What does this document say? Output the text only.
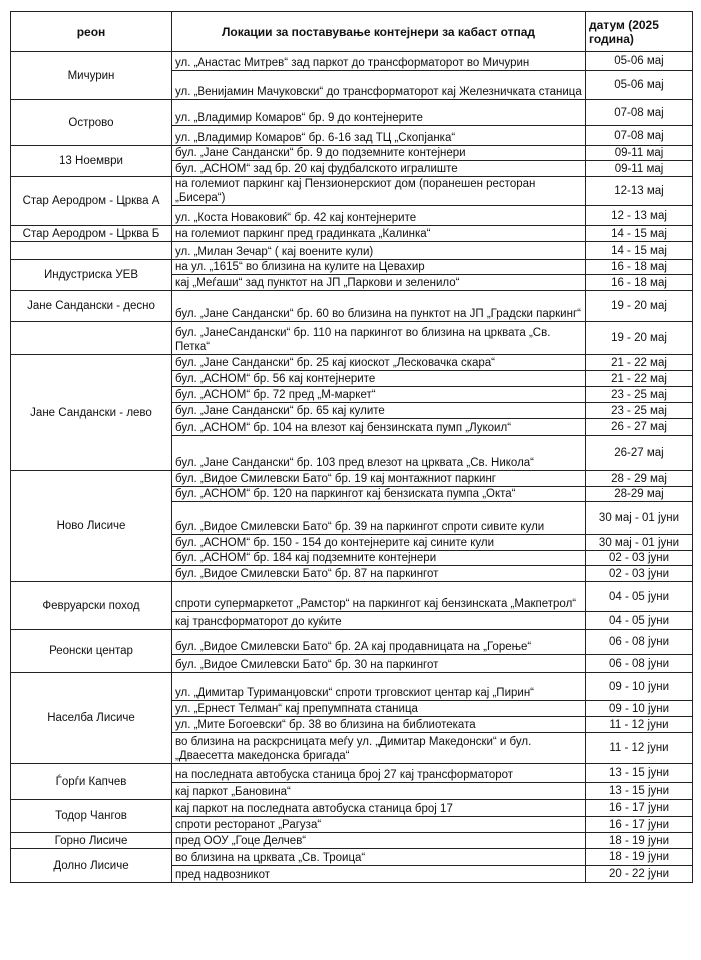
реон	Локации за поставување контејнери за кабаст отпад	датум (2025 година)
Мичурин	ул. „Анастас Митрев“ зад паркот до трансформаторот во Мичурин	05-06 мај
	ул. „Венијамин Мачуковски“ до трансформаторот кај Железничката станица	05-06 мај
Острово	ул. „Владимир Комаров“ бр. 9 до контејнерите	07-08 мај
	ул. „Владимир Комаров“ бр. 6-16 зад ТЦ „Скопјанка“	07-08 мај
13 Ноември	бул. „Јане Сандански“ бр. 9 до подземните контејнери	09-11 мај
	бул. „АСНОМ“ зад бр. 20 кај фудбалското игралиште	09-11 мај
Стар Аеродром - Црква А	на големиот паркинг кај Пензионерскиот дом (поранешен ресторан „Бисера“)	12-13 мај
	ул. „Коста Новаковиќ“ бр. 42 кај контејнерите	12 - 13 мај
Стар Аеродром - Црква Б	на големиот паркинг пред градинката „Калинка“	14 - 15 мај
	ул. „Милан Зечар“ ( кај воените кули)	14 - 15 мај
Индустриска УЕВ	на ул. „1615“ во близина на кулите на Цевахир	16 - 18 мај
	кај „Меѓаши“ зад пунктот на ЈП „Паркови и зеленило“	16 - 18 мај
Јане Сандански - десно	бул. „Јане Сандански“ бр. 60 во близина на пунктот на ЈП „Градски паркинг“	19 - 20 мај
	бул. „ЈанеСандански“ бр. 110 на паркингот во близина на црквата „Св. Петка“	19 - 20 мај
Јане Сандански - лево	бул. „Јане Сандански“ бр. 25 кај киоскот „Лесковачка скара“	21 - 22 мај
	бул. „АСНОМ“ бр. 56 кај контејнерите	21 - 22 мај
	бул. „АСНОМ“ бр. 72 пред „М-маркет“	23 - 25 мај
	бул. „Јане Сандански“ бр. 65 кај кулите	23 - 25 мај
	бул. „АСНОМ“ бр. 104 на влезот кај бензинската пумп „Лукоил“	26 - 27 мај
	бул. „Јане Сандански“ бр. 103 пред влезот на црквата „Св. Никола“	26-27 мај
Ново Лисиче	бул. „Видое Смилевски Бато“ бр. 19 кај монтажниот паркинг	28 - 29 мај
	бул. „АСНОМ“ бр. 120 на паркингот кај бензиската пумпа „Окта“	28-29 мај
	бул. „Видое Смилевски Бато“ бр. 39 на паркингот спроти сивите кули	30 мај - 01 јуни
	бул. „АСНОМ“ бр. 150 - 154 до контејнерите кај сините кули	30 мај - 01 јуни
	бул. „АСНОМ“ бр. 184 кај подземните контејнери	02 - 03 јуни
	бул. „Видое Смилевски Бато“ бр. 87 на паркингот	02 - 03 јуни
Февруарски поход	спроти супермаркетот „Рамстор“ на паркингот кај бензинската „Макпетрол“	04 - 05 јуни
	кај трансформаторот до куќите	04 - 05 јуни
Реонски центар	бул. „Видое Смилевски Бато“ бр. 2А кај продавницата на „Горење“	06 - 08 јуни
	бул. „Видое Смилевски Бато“ бр. 30 на паркингот	06 - 08 јуни
Населба Лисиче	ул. „Димитар Туриманџовски“ спроти трговскиот центар кај „Пирин“	09 - 10 јуни
	ул. „Ернест Телман“ кај препумпната станица	09 - 10 јуни
	ул. „Мите Богоевски“ бр. 38 во близина на библиотеката	11 - 12 јуни
	во близина на раскрсницата меѓу ул. „Димитар Македонски“ и бул. „Дваесетта македонска бригада“	11 - 12 јуни
Ѓорѓи Капчев	на последната автобуска станица број 27 кај трансформаторот	13 - 15 јуни
	кај паркот „Бановина“	13 - 15 јуни
Тодор Чангов	кај паркот на последната автобуска станица број 17	16 - 17 јуни
	спроти ресторанот „Рагуза“	16 - 17 јуни
Горно Лисиче	пред ООУ „Гоце Делчев“	18 - 19 јуни
Долно Лисиче	во близина на црквата „Св. Троица“	18 - 19 јуни
	пред надвозникот	20 - 22 јуни
